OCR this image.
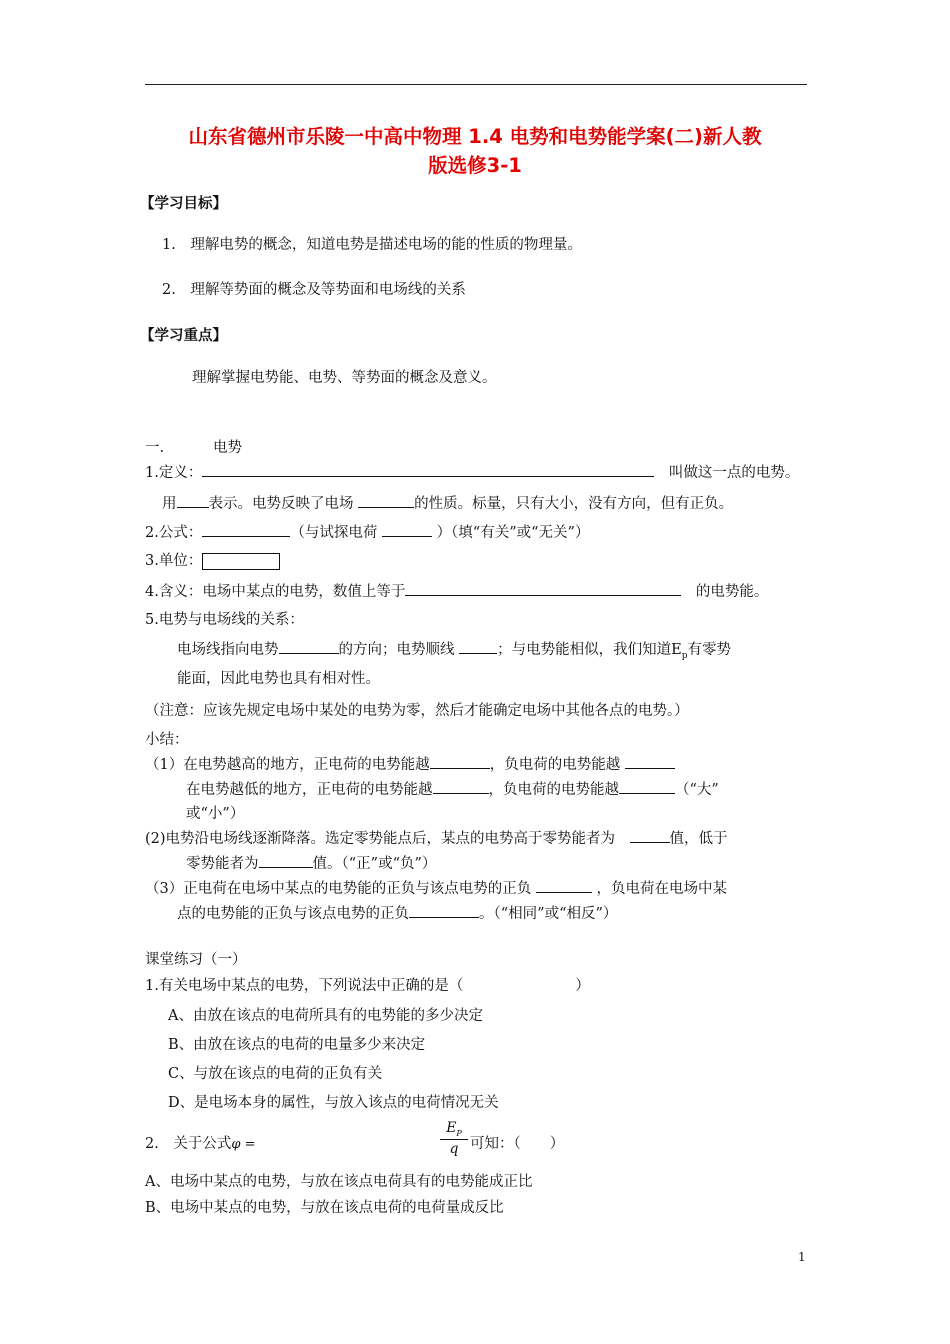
山东省德州市乐陵一中高中物理 1.4 电势和电势能学案(二)新人教
版选修3-1
【学习目标】
1.　理解电势的概念，知道电势是描述电场的能的性质的物理量。
2.　理解等势面的概念及等势面和电场线的关系
【学习重点】
理解掌握电势能、电势、等势面的概念及意义。
一.	电势
1.定义：　	叫做这一点的电势。
用 表示。电势反映了电场	的性质。标量，只有大小，没有方向，但有正负。
2.公式：	（与试探电荷	）（填“有关”或“无关”）
3.单位：
4.含义：电场中某点的电势，数值上等于　	的电势能。
5.电势与电场线的关系：
电场线指向电势	的方向；电势顺线	；与电势能相似，我们知道$E_p$有零势
能面，因此电势也具有相对性。
（注意：应该先规定电场中某处的电势为零，然后才能确定电场中其他各点的电势。）
小结：
（1）在电势越高的地方，正电荷的电势能越	，负电荷的电势能越
在电势越低的地方，正电荷的电势能越	，负电荷的电势能越	（“大”
或“小”）
(2)电势沿电场线逐渐降落。选定零势能点后，某点的电势高于零势能者为　	值，低于
零势能者为	值。（“正”或“负”）
（3）正电荷在电场中某点的电势能的正负与该点电势的正负	，负电荷在电场中某
点的电势能的正负与该点电势的正负	。（“相同”或“相反”）
课堂练习（一）
1.有关电场中某点的电势，下列说法中正确的是（	）
A、由放在该点的电荷所具有的电势能的多少决定
B、由放在该点的电荷的电量多少来决定
C、与放在该点的电荷的正负有关
D、是电场本身的属性，与放入该点的电荷情况无关
2.　关于公式φ =
$E_P$
q 可知：（　　）
A、电场中某点的电势，与放在该点电荷具有的电势能成正比
B、电场中某点的电势，与放在该点电荷的电荷量成反比
1
